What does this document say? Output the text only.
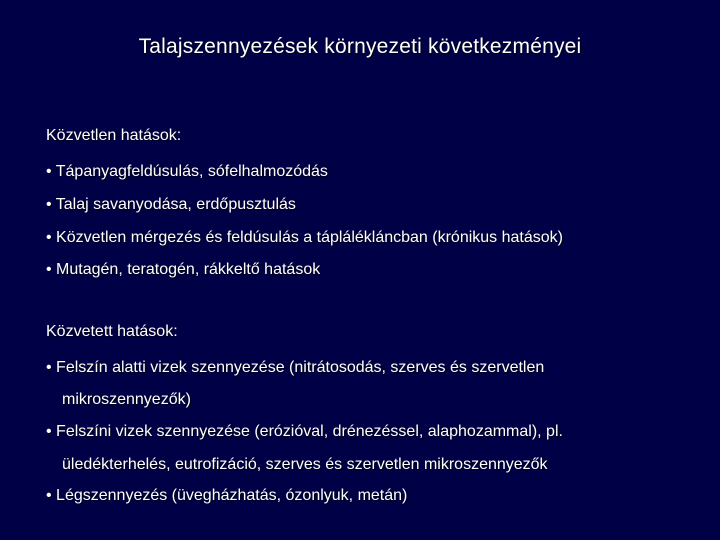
Talajszennyezések környezeti következményei
Közvetlen hatások:
• Tápanyagfeldúsulás, sófelhalmozódás
• Talaj savanyodása, erdőpusztulás
• Közvetlen mérgezés és feldúsulás a táplálékláncban (krónikus hatások)
• Mutagén, teratogén, rákkeltő hatások
Közvetett hatások:
• Felszín alatti vizek szennyezése (nitrátosodás, szerves és szervetlen
mikroszennyezők)
• Felszíni vizek szennyezése (erózióval, drénezéssel, alaphozammal), pl.
üledékterhelés, eutrofizáció, szerves és szervetlen mikroszennyezők
• Légszennyezés (üvegházhatás, ózonlyuk, metán)
